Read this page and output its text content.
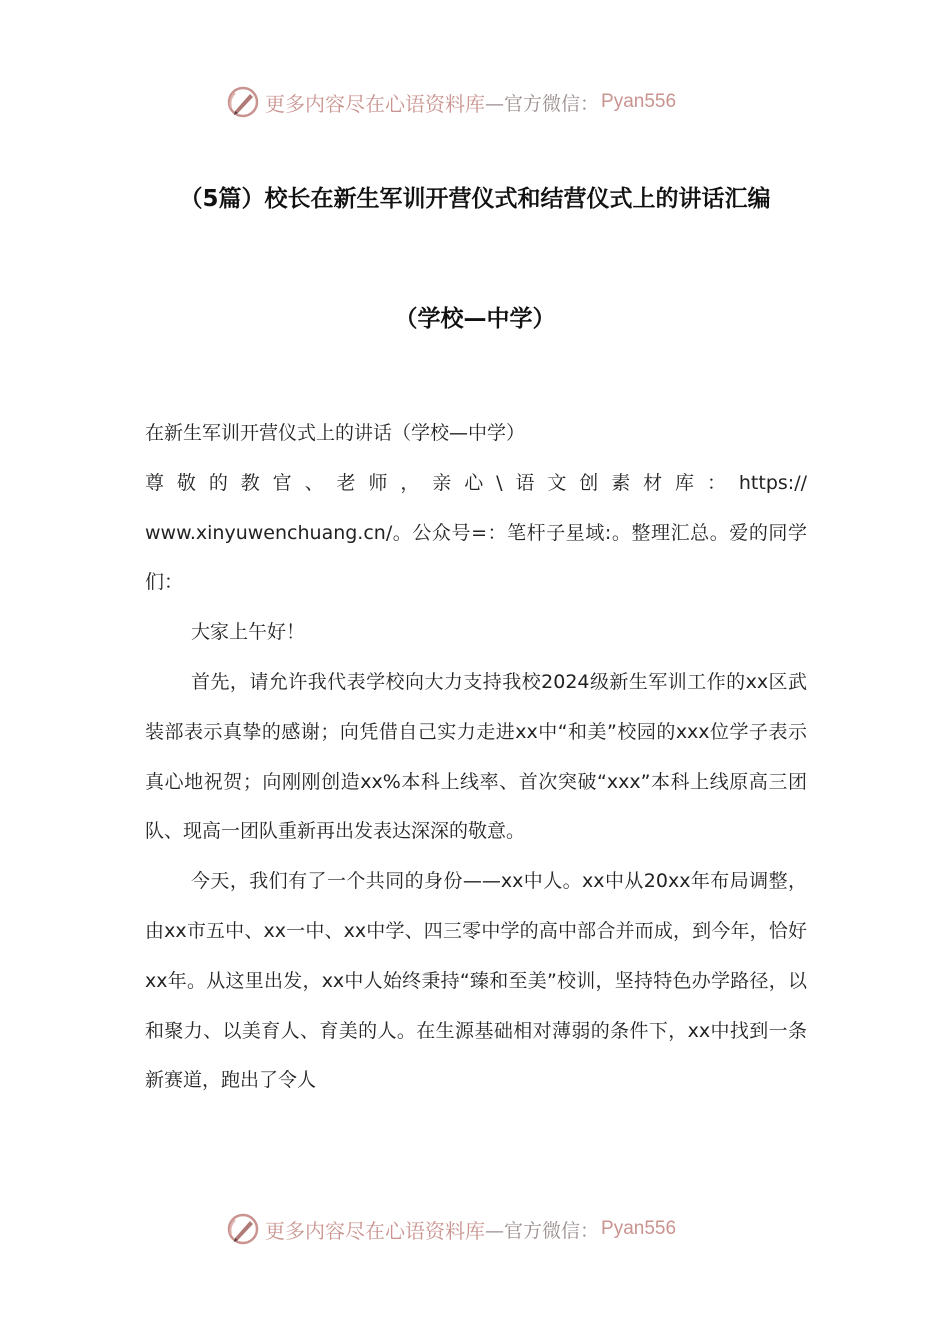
更多内容尽在心语资料库 —官方微信： Pyan556
（5篇）校长在新生军训开营仪式和结营仪式上的讲话汇编
（学校—中学）

在新生军训开营仪式上的讲话（学校—中学）

尊敬的教官、老师，亲心\语文创素材库：https://

www.xinyuwenchuang.cn/。公众号=：笔杆子星域:。整理汇总。爱的同学们：

大家上午好！

首先，请允许我代表学校向大力支持我校2024级新生军训工作的xx区武装部表示真挚的感谢；向凭借自己实力走进xx中“和美”校园的xxx位学子表示真心地祝贺；向刚刚创造xx%本科上线率、首次突破“xxx”本科上线原高三团队、现高一团队重新再出发表达深深的敬意。

今天，我们有了一个共同的身份——xx中人。xx中从20xx年布局调整，由xx市五中、xx一中、xx中学、四三零中学的高中部合并而成，到今年，恰好xx年。从这里出发，xx中人始终秉持“臻和至美”校训，坚持特色办学路径，以和聚力、以美育人、育美的人。在生源基础相对薄弱的条件下，xx中找到一条新赛道，跑出了令人

更多内容尽在心语资料库 —官方微信： Pyan556
